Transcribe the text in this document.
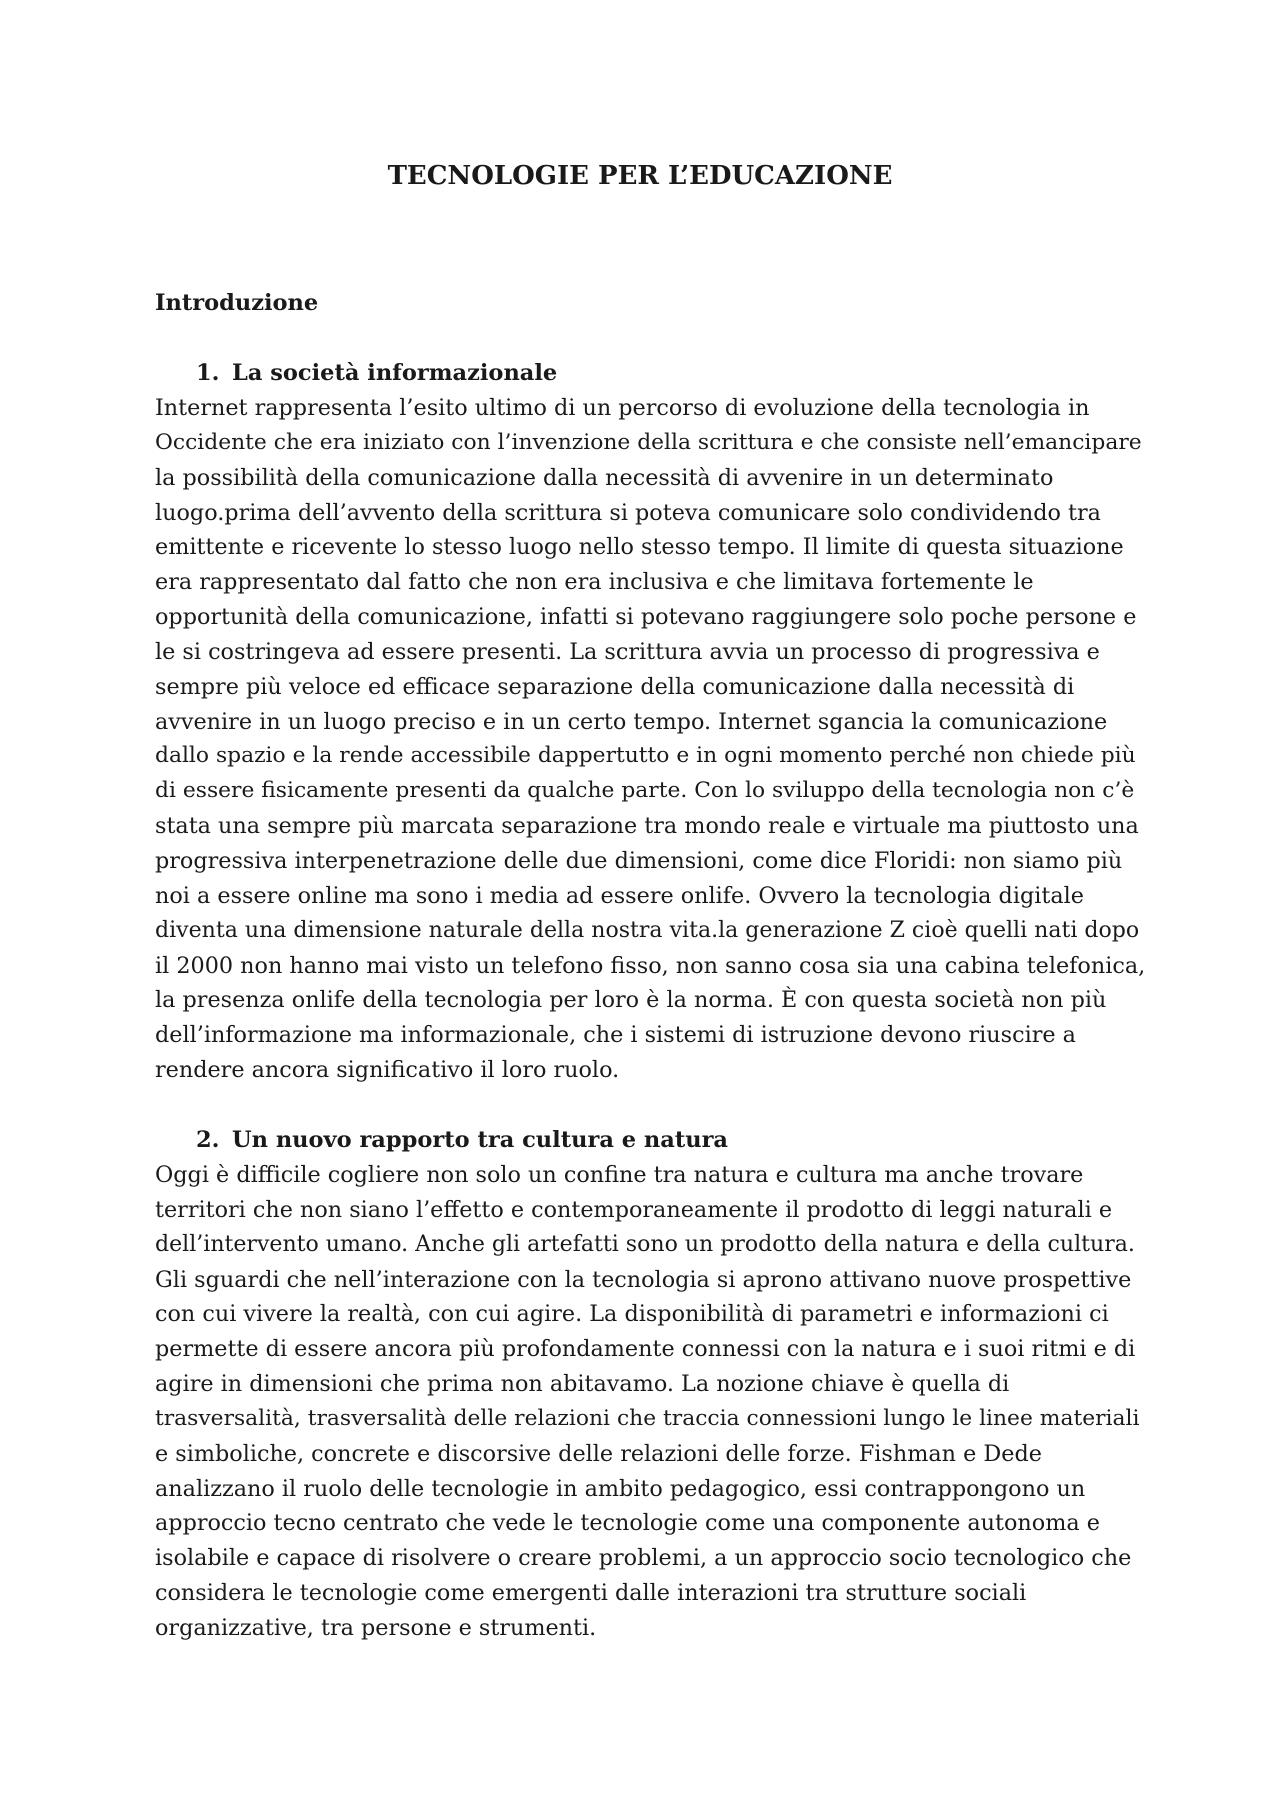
TECNOLOGIE PER L’EDUCAZIONE
Introduzione
1. La società informazionale
Internet rappresenta l’esito ultimo di un percorso di evoluzione della tecnologia in
Occidente che era iniziato con l’invenzione della scrittura e che consiste nell’emancipare
la possibilità della comunicazione dalla necessità di avvenire in un determinato
luogo.prima dell’avvento della scrittura si poteva comunicare solo condividendo tra
emittente e ricevente lo stesso luogo nello stesso tempo. Il limite di questa situazione
era rappresentato dal fatto che non era inclusiva e che limitava fortemente le
opportunità della comunicazione, infatti si potevano raggiungere solo poche persone e
le si costringeva ad essere presenti. La scrittura avvia un processo di progressiva e
sempre più veloce ed efficace separazione della comunicazione dalla necessità di
avvenire in un luogo preciso e in un certo tempo. Internet sgancia la comunicazione
dallo spazio e la rende accessibile dappertutto e in ogni momento perché non chiede più
di essere fisicamente presenti da qualche parte. Con lo sviluppo della tecnologia non c’è
stata una sempre più marcata separazione tra mondo reale e virtuale ma piuttosto una
progressiva interpenetrazione delle due dimensioni, come dice Floridi: non siamo più
noi a essere online ma sono i media ad essere onlife. Ovvero la tecnologia digitale
diventa una dimensione naturale della nostra vita.la generazione Z cioè quelli nati dopo
il 2000 non hanno mai visto un telefono fisso, non sanno cosa sia una cabina telefonica,
la presenza onlife della tecnologia per loro è la norma. È con questa società non più
dell’informazione ma informazionale, che i sistemi di istruzione devono riuscire a
rendere ancora significativo il loro ruolo.
2. Un nuovo rapporto tra cultura e natura
Oggi è difficile cogliere non solo un confine tra natura e cultura ma anche trovare
territori che non siano l’effetto e contemporaneamente il prodotto di leggi naturali e
dell’intervento umano. Anche gli artefatti sono un prodotto della natura e della cultura.
Gli sguardi che nell’interazione con la tecnologia si aprono attivano nuove prospettive
con cui vivere la realtà, con cui agire. La disponibilità di parametri e informazioni ci
permette di essere ancora più profondamente connessi con la natura e i suoi ritmi e di
agire in dimensioni che prima non abitavamo. La nozione chiave è quella di
trasversalità, trasversalità delle relazioni che traccia connessioni lungo le linee materiali
e simboliche, concrete e discorsive delle relazioni delle forze. Fishman e Dede
analizzano il ruolo delle tecnologie in ambito pedagogico, essi contrappongono un
approccio tecno centrato che vede le tecnologie come una componente autonoma e
isolabile e capace di risolvere o creare problemi, a un approccio socio tecnologico che
considera le tecnologie come emergenti dalle interazioni tra strutture sociali
organizzative, tra persone e strumenti.
